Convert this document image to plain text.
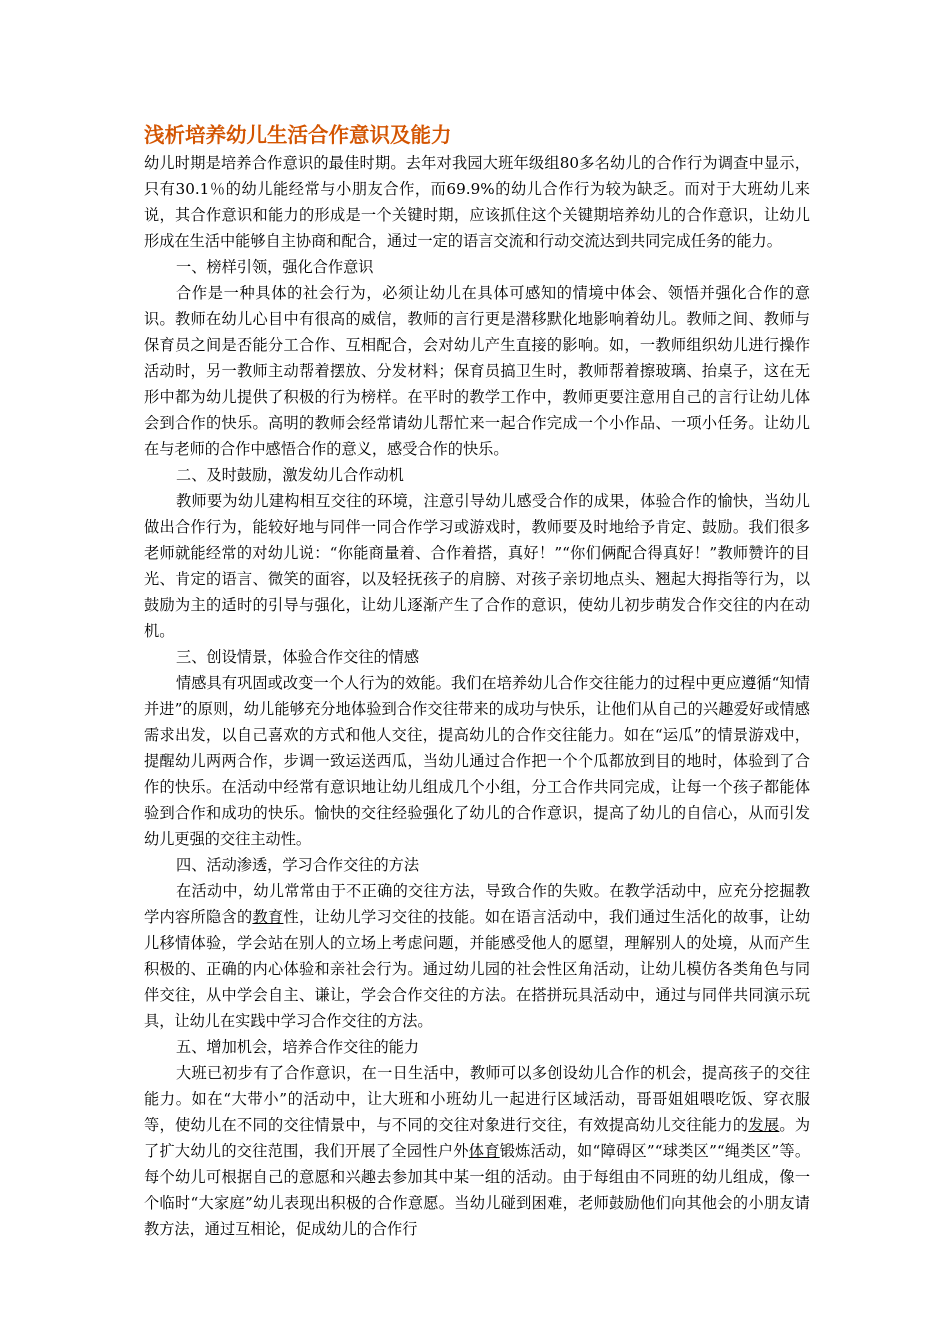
浅析培养幼儿生活合作意识及能力

幼儿时期是培养合作意识的最佳时期。去年对我园大班年级组80多名幼儿的合作行为调查中显示，只有30.1％的幼儿能经常与小朋友合作，而69.9%的幼儿合作行为较为缺乏。而对于大班幼儿来说，其合作意识和能力的形成是一个关键时期，应该抓住这个关键期培养幼儿的合作意识，让幼儿形成在生活中能够自主协商和配合，通过一定的语言交流和行动交流达到共同完成任务的能力。

一、榜样引领，强化合作意识

合作是一种具体的社会行为，必须让幼儿在具体可感知的情境中体会、领悟并强化合作的意识。教师在幼儿心目中有很高的威信，教师的言行更是潜移默化地影响着幼儿。教师之间、教师与保育员之间是否能分工合作、互相配合，会对幼儿产生直接的影响。如，一教师组织幼儿进行操作活动时，另一教师主动帮着摆放、分发材料；保育员搞卫生时，教师帮着擦玻璃、抬桌子，这在无形中都为幼儿提供了积极的行为榜样。在平时的教学工作中，教师更要注意用自己的言行让幼儿体会到合作的快乐。高明的教师会经常请幼儿帮忙来一起合作完成一个小作品、一项小任务。让幼儿在与老师的合作中感悟合作的意义，感受合作的快乐。

二、及时鼓励，激发幼儿合作动机

教师要为幼儿建构相互交往的环境，注意引导幼儿感受合作的成果，体验合作的愉快，当幼儿做出合作行为，能较好地与同伴一同合作学习或游戏时，教师要及时地给予肯定、鼓励。我们很多老师就能经常的对幼儿说：“你能商量着、合作着搭，真好！”“你们俩配合得真好！”教师赞许的目光、肯定的语言、微笑的面容，以及轻抚孩子的肩膀、对孩子亲切地点头、翘起大拇指等行为，以鼓励为主的适时的引导与强化，让幼儿逐渐产生了合作的意识，使幼儿初步萌发合作交往的内在动机。

三、创设情景，体验合作交往的情感

情感具有巩固或改变一个人行为的效能。我们在培养幼儿合作交往能力的过程中更应遵循“知情并进”的原则，幼儿能够充分地体验到合作交往带来的成功与快乐，让他们从自己的兴趣爱好或情感需求出发，以自己喜欢的方式和他人交往，提高幼儿的合作交往能力。如在“运瓜”的情景游戏中，提醒幼儿两两合作，步调一致运送西瓜，当幼儿通过合作把一个个瓜都放到目的地时，体验到了合作的快乐。在活动中经常有意识地让幼儿组成几个小组，分工合作共同完成，让每一个孩子都能体验到合作和成功的快乐。愉快的交往经验强化了幼儿的合作意识，提高了幼儿的自信心，从而引发幼儿更强的交往主动性。

四、活动渗透，学习合作交往的方法

在活动中，幼儿常常由于不正确的交往方法，导致合作的失败。在教学活动中，应充分挖掘教学内容所隐含的教育性，让幼儿学习交往的技能。如在语言活动中，我们通过生活化的故事，让幼儿移情体验，学会站在别人的立场上考虑问题，并能感受他人的愿望，理解别人的处境，从而产生积极的、正确的内心体验和亲社会行为。通过幼儿园的社会性区角活动，让幼儿模仿各类角色与同伴交往，从中学会自主、谦让，学会合作交往的方法。在搭拼玩具活动中，通过与同伴共同演示玩具，让幼儿在实践中学习合作交往的方法。

五、增加机会，培养合作交往的能力

大班已初步有了合作意识，在一日生活中，教师可以多创设幼儿合作的机会，提高孩子的交往能力。如在“大带小”的活动中，让大班和小班幼儿一起进行区域活动，哥哥姐姐喂吃饭、穿衣服等，使幼儿在不同的交往情景中，与不同的交往对象进行交往，有效提高幼儿交往能力的发展。为了扩大幼儿的交往范围，我们开展了全园性户外体育锻炼活动，如“障碍区”“球类区”“绳类区”等。每个幼儿可根据自己的意愿和兴趣去参加其中某一组的活动。由于每组由不同班的幼儿组成，像一个临时“大家庭”幼儿表现出积极的合作意愿。当幼儿碰到困难，老师鼓励他们向其他会的小朋友请教方法，通过互相论，促成幼儿的合作行
